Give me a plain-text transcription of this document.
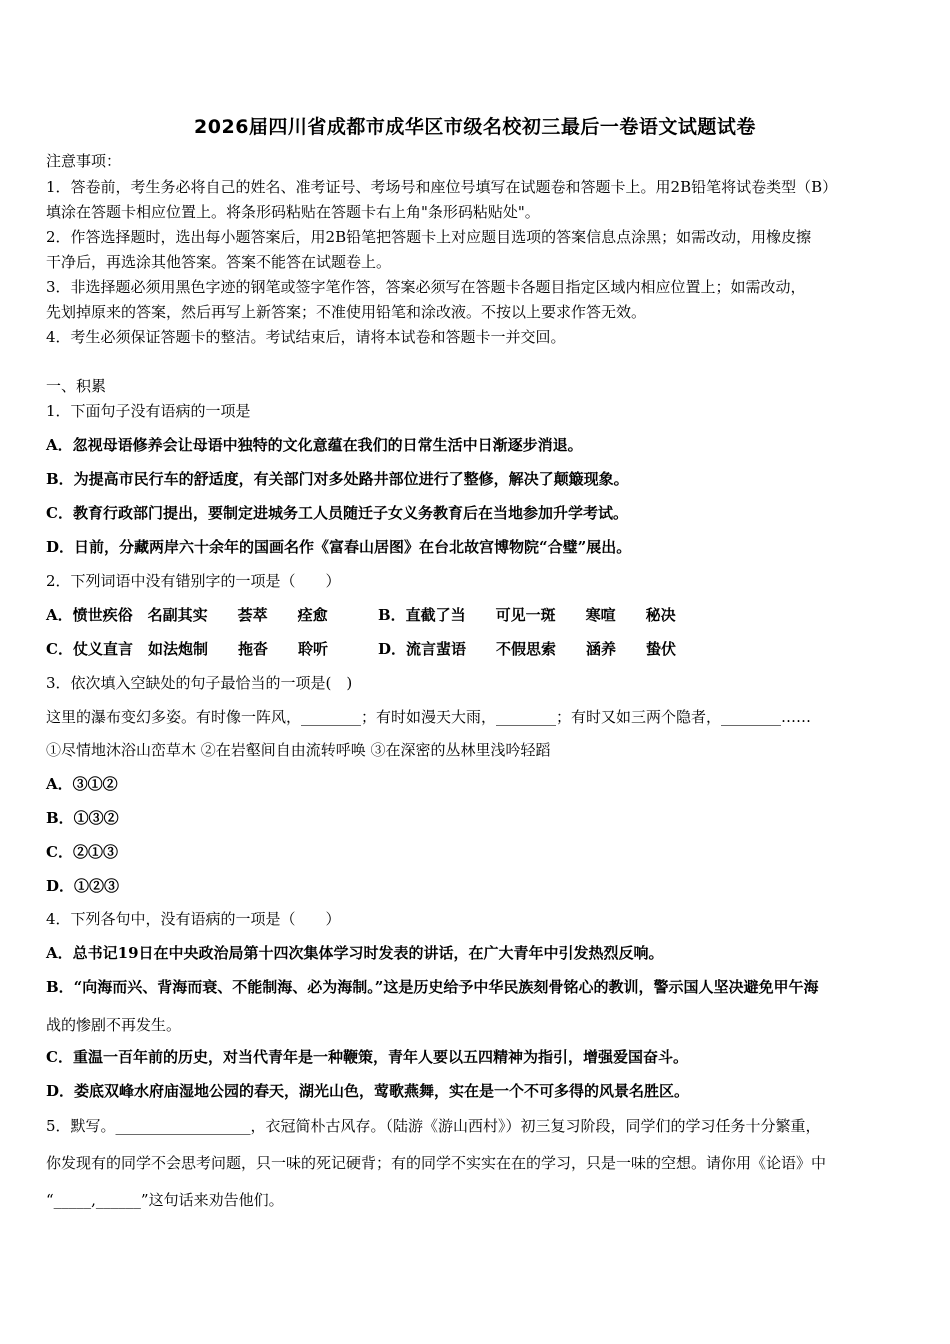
2026届四川省成都市成华区市级名校初三最后一卷语文试题试卷
注意事项：
1．答卷前，考生务必将自己的姓名、准考证号、考场号和座位号填写在试题卷和答题卡上。用2B铅笔将试卷类型（B）
填涂在答题卡相应位置上。将条形码粘贴在答题卡右上角"条形码粘贴处"。
2．作答选择题时，选出每小题答案后，用2B铅笔把答题卡上对应题目选项的答案信息点涂黑；如需改动，用橡皮擦
干净后，再选涂其他答案。答案不能答在试题卷上。
3．非选择题必须用黑色字迹的钢笔或签字笔作答，答案必须写在答题卡各题目指定区域内相应位置上；如需改动，
先划掉原来的答案，然后再写上新答案；不准使用铅笔和涂改液。不按以上要求作答无效。
4．考生必须保证答题卡的整洁。考试结束后，请将本试卷和答题卡一并交回。
一、积累
1．下面句子没有语病的一项是
A．忽视母语修养会让母语中独特的文化意蕴在我们的日常生活中日渐逐步消退。
B．为提高市民行车的舒适度，有关部门对多处路井部位进行了整修，解决了颠簸现象。
C．教育行政部门提出，要制定进城务工人员随迁子女义务教育后在当地参加升学考试。
D．日前，分藏两岸六十余年的国画名作《富春山居图》在台北故宫博物院“合璧”展出。
2．下列词语中没有错别字的一项是（　　）
A．愤世疾俗　名副其实　　荟萃　　痊愈	B．直截了当　　可见一斑　　寒喧　　秘决
C．仗义直言　如法炮制　　拖沓　　聆听	D．流言蜚语　　不假思索　　涵养　　蛰伏
3．依次填入空缺处的句子最恰当的一项是(　)
这里的瀑布变幻多姿。有时像一阵风，________；有时如漫天大雨，________；有时又如三两个隐者，________……
①尽情地沐浴山峦草木 ②在岩壑间自由流转呼唤 ③在深密的丛林里浅吟轻蹈
A．③①②
B．①③②
C．②①③
D．①②③
4．下列各句中，没有语病的一项是（　　）
A．总书记19日在中央政治局第十四次集体学习时发表的讲话，在广大青年中引发热烈反响。
B．“向海而兴、背海而衰、不能制海、必为海制。”这是历史给予中华民族刻骨铭心的教训，警示国人坚决避免甲午海
战的惨剧不再发生。
C．重温一百年前的历史，对当代青年是一种鞭策，青年人要以五四精神为指引，增强爱国奋斗。
D．娄底双峰水府庙湿地公园的春天，湖光山色，莺歌燕舞，实在是一个不可多得的风景名胜区。
5．默写。__________________，衣冠简朴古风存。（陆游《游山西村》）初三复习阶段，同学们的学习任务十分繁重，
你发现有的同学不会思考问题，只一味的死记硬背；有的同学不实实在在的学习，只是一味的空想。请你用《论语》中
“_____,______”这句话来劝告他们。
